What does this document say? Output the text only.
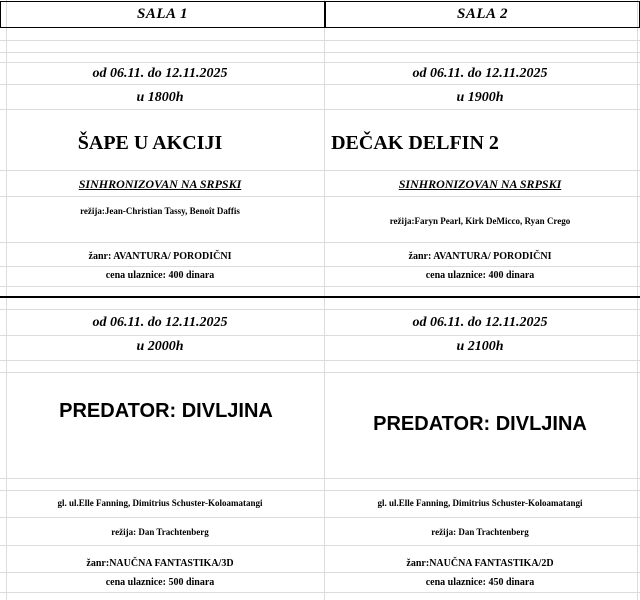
SALA 1	SALA 2
od 06.11. do 12.11.2025
u 1800h
ŠAPE U AKCIJI
SINHRONIZOVAN NA SRPSKI
režija:Jean-Christian Tassy, Benoît Daffis
žanr: AVANTURA/ PORODIČNI
cena ulaznice: 400 dinara
od 06.11. do 12.11.2025
u 1900h
DEČAK DELFIN 2
SINHRONIZOVAN NA SRPSKI
režija:Faryn Pearl, Kirk DeMicco, Ryan Crego
žanr: AVANTURA/ PORODIČNI
cena ulaznice: 400 dinara
od 06.11. do 12.11.2025
u 2000h
PREDATOR: DIVLJINA
gl. ul.Elle Fanning, Dimitrius Schuster-Koloamatangi
režija: Dan Trachtenberg
žanr:NAUČNA FANTASTIKA/3D
cena ulaznice: 500 dinara
od 06.11. do 12.11.2025
u 2100h
PREDATOR: DIVLJINA
gl. ul.Elle Fanning, Dimitrius Schuster-Koloamatangi
režija: Dan Trachtenberg
žanr:NAUČNA FANTASTIKA/2D
cena ulaznice: 450 dinara
